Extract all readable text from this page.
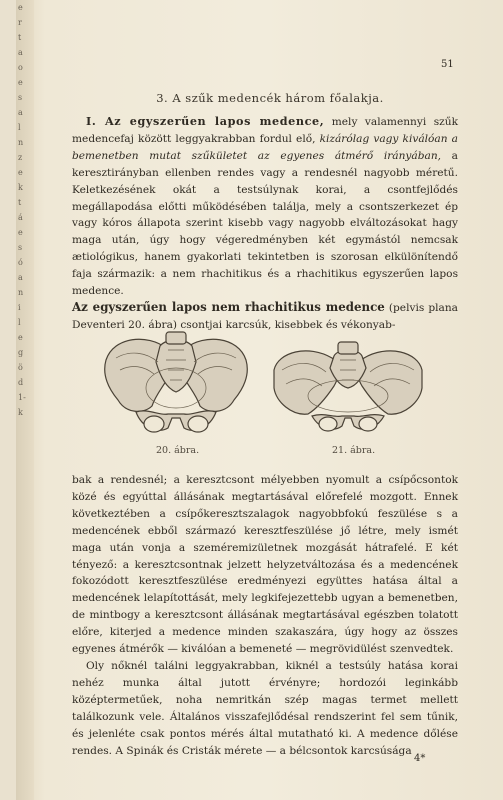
e
r
t
a
o
e
s
a
l
n
z
e
k
t
á
e
s
ó
a
n
i
l
e
g
ö
d
1-
k
51
3. A szűk medencék három főalakja.

I. Az egyszerűen lapos medence, mely valamennyi szűk medencefaj között leggyakrabban fordul elő, kizárólag vagy kiválóan a bemenetben mutat szűkületet az egyenes átmérő irányában, a keresztirányban ellenben rendes vagy a rendesnél nagyobb méretű. Keletkezésének okát a testsúlynak korai, a csontfejlődés megállapodása előtti működésében találja, mely a csontszerkezet ép vagy kóros állapota szerint kisebb vagy nagyobb elváltozásokat hagy maga után, úgy hogy végeredményben két egymástól nemcsak ætiológikus, hanem gyakorlati tekintetben is szorosan elkülönítendő faja származik: a nem rhachitikus és a rhachitikus egyszerűen lapos medence.

Az egyszerűen lapos nem rhachitikus medence (pelvis plana Deventeri 20. ábra) csontjai karcsúk, kisebbek és vékonyab-

20. ábra.	21. ábra.

bak a rendesnél; a keresztcsont mélyebben nyomult a csípőcsontok közé és egyúttal állásának megtartásával előrefelé mozgott. Ennek következtében a csípőkeresztszalagok nagyobbfokú feszülése s a medencének ebből származó keresztfeszülése jő létre, mely ismét maga után vonja a szeméremizületnek mozgását hátrafelé. E két tényező: a keresztcsontnak jelzett helyzetváltozása és a medencének fokozódott keresztfeszülése eredményezi együttes hatása által a medencének lelapítottását, mely legkifejezettebb ugyan a bemenetben, de mintbogy a keresztcsont állásának megtartásával egészben tolatott előre, kiterjed a medence minden szakaszára, úgy hogy az összes egyenes átmérők — kiválóan a bemeneté — megrövidülést szenvedtek.

Oly nőknél találni leggyakrabban, kiknél a testsúly hatása korai nehéz munka által jutott érvényre; hordozói leginkább középtermetűek, noha nemritkán szép magas termet mellett találkozunk vele. Általános visszafejlődésal rendszerint fel sem tűnik, és jelenléte csak pontos mérés által mutatható ki. A medence dőlése rendes. A Spinák és Cristák mérete — a bélcsontok karcsúsága

4*
